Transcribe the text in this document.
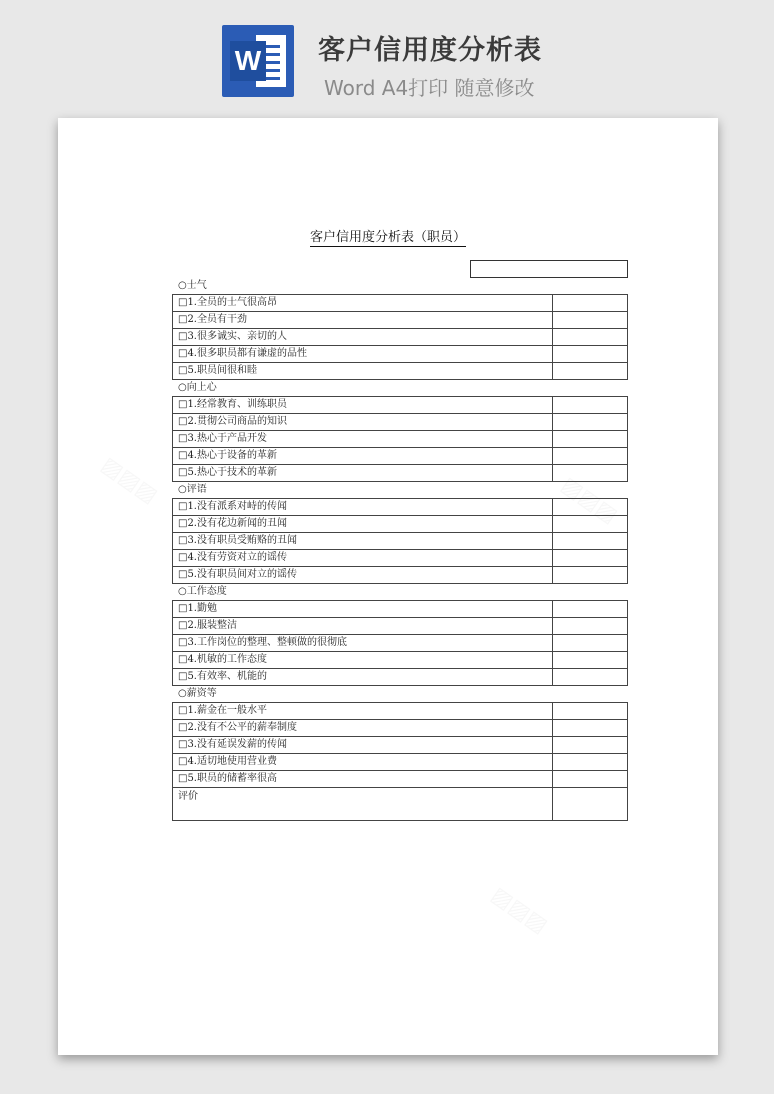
W 客户信用度分析表
Word A4打印 随意修改
▨▨▨	▨▨▨
▨▨▨
客户信用度分析表（职员）
○士气
□1.全员的士气很高昂
□2.全员有干劲
□3.很多诚实、亲切的人
□4.很多职员都有谦虚的品性
□5.职员间很和睦
○向上心
□1.经常教育、训练职员
□2.贯彻公司商品的知识
□3.热心于产品开发
□4.热心于设备的革新
□5.热心于技术的革新
○评语
□1.没有派系对峙的传闻
□2.没有花边新闻的丑闻
□3.没有职员受贿赂的丑闻
□4.没有劳资对立的谣传
□5.没有职员间对立的谣传
○工作态度
□1.勤勉
□2.服装整洁
□3.工作岗位的整理、整顿做的很彻底
□4.机敏的工作态度
□5.有效率、机能的
○薪资等
□1.薪金在一般水平
□2.没有不公平的薪奉制度
□3.没有延误发薪的传闻
□4.适切地使用营业费
□5.职员的储蓄率很高
评价
